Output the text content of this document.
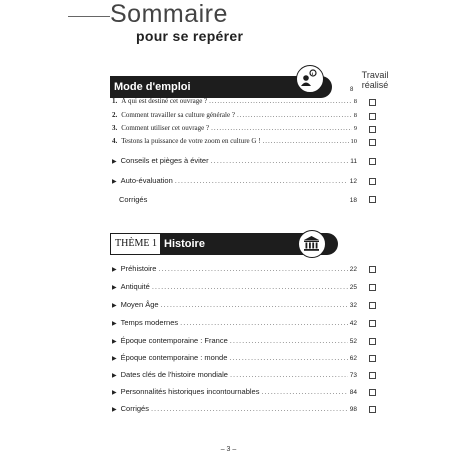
Sommaire
pour se repérer
Travail
réalisé
Mode d'emploi
i
8
1. À qui est destiné cet ouvrage ? .....	8
2. Comment travailler sa culture générale ? .....	8
3. Comment utiliser cet ouvrage ? .....	9
4. Testons la puissance de votre zoom en culture G ! .....	10
▶ Conseils et pièges à éviter .....	11
▶ Auto-évaluation .....	12
Corrigés	18
THÈME 1 Histoire
▶ Préhistoire .....	22
▶ Antiquité .....	25
▶ Moyen Âge .....	32
▶ Temps modernes .....	42
▶ Époque contemporaine : France .....	52
▶ Époque contemporaine : monde .....	62
▶ Dates clés de l'histoire mondiale .....	73
▶ Personnalités historiques incontournables .....	84
▶ Corrigés .....	98
– 3 –
